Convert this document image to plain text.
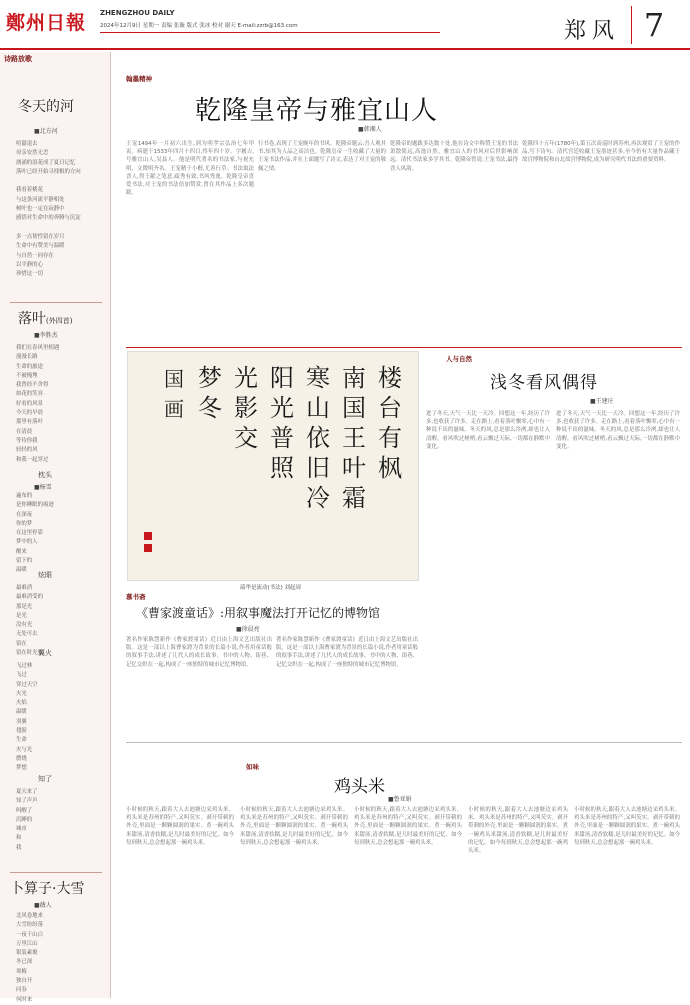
鄭州日報 ZHENGZHOU DAILY
2024年12月9日 星期一 责编 张璇 版式 张冰 校对 谢天 E-mail:zzrb@163.com	郑风 7
诗路放歌
冬天的河
■北方河
喧嚣退去
母亲安然无恙
汹涌的浪花成了夏日记忆
落叶已经开始寻找根的方向

我看着桃花
与这条河流平静相处
树叶也一定在寂静中
感悟对生命中的奔腾与沉淀

多一点韧性留在岁月
生命中有赞美与温暖
与自然一同存在
以平静的心
珍惜这一切
落叶(外四首)
■李胜杰
我们在春风里相遇
漫漫长路
生命的旅途
不被掩埋
我曾经不舍得
如花的笑容
好看的风景
今天的早晨
那里有落叶
在清晨
等待你我
轻轻的风
和我一起穿过

枕头
■杨雪
遍布的
是你睡眠的痕迹
在深夜
你的梦
在这里停靠
梦中的人
醒来
留下的
温暖
炫眼
最难消
最难消受的
那是光
是光
没有光
无处可去
留在
留在时光里
翼火
飞过林
飞过
穿过天空
火光
火焰
温暖
羽翼
翅膀
生命
火与光
燃烧
梦想
知了
夏天来了
知了声声
叫醒了
沉睡的
城市
和
我
卜算子·大雪
■薇人
北风卷地来
大雪纷纷落
一夜千山白
万里江山
银装素裹
冬已深
寒梅
独自开
问春
何时来
翰墨精神
乾隆皇帝与雅宜山人
■韩湘人
王宠1494年一月初六出生,到为明孝宗弘治七年甲寅。病逝于1533年四月十四日,终年四十岁。字履吉,号雅宜山人,吴县人。他是明代著名的书法家,与祝允明、文徵明齐名。王宠精于小楷,尤善行草。书法取法晋人,得王献之笔意,疏秀有致,书风秀逸。乾隆皇帝喜爱书法,对王宠的书法倍加赞赏,曾在其作品上多次题跋。
行书卷,表现了王宠晚年的书风。乾隆帝题云:吾人观其书,知其为人品之高洁也。乾隆皇帝一生收藏了大量的王宠书法作品,并在上面题写了诗文,表达了对王宠的敬佩之情。
乾隆帝的题跋多达数十处,他在诗文中称赞王宠的书法萧散简远,高逸自然。雅宜山人的书风对后世影响深远。清代书法家多学其书。乾隆帝曾说:王宠书法,最得晋人风韵。
乾隆四十五年(1780年),第五次南巡时到苏州,再次观赏了王宠的作品,写下诗句。清代宫廷收藏王宠墨迹甚多,至今仍有大量作品藏于故宫博物院和台北故宫博物院,成为研究明代书法的重要资料。
楼
台
有
枫
南
国
王
叶
霜
寒
山
依
旧
冷
阳
光
普
照
光
影
交
梦
冬
国
画
韶华是流动(书法) 刘起周
人与自然
浅冬看风偶得
■王建庄
进了冬天,天气一天比一天冷。回想这一年,经历了许多,也收获了许多。走在路上,看着落叶飘零,心中有一种说不出的滋味。冬天的风,总是那么冷冽,却也让人清醒。看风吹过树梢,看云飘过天际,一切都在静默中变化。
进了冬天,天气一天比一天冷。回想这一年,经历了许多,也收获了许多。走在路上,看着落叶飘零,心中有一种说不出的滋味。冬天的风,总是那么冷冽,却也让人清醒。看风吹过树梢,看云飘过天际,一切都在静默中变化。
慕书斋
《曹家渡童话》:用叙事魔法打开记忆的博物馆
■徐晨亮
著名作家陈慧新作《曹家渡童话》近日由上海文艺出版社出版。这是一部以上海曹家渡为背景的长篇小说,作者用童话般的叙事手法,讲述了几代人的成长故事。书中的人物、街巷、记忆交织在一起,构成了一座独特的城市记忆博物馆。
著名作家陈慧新作《曹家渡童话》近日由上海文艺出版社出版。这是一部以上海曹家渡为背景的长篇小说,作者用童话般的叙事手法,讲述了几代人的成长故事。书中的人物、街巷、记忆交织在一起,构成了一座独特的城市记忆博物馆。
如味
鸡头米
■鲁亚娟
小时候的秋天,跟着大人去池塘边采鸡头米。鸡头米是苏州的特产,又叫芡实。剥开带刺的外壳,里面是一颗颗圆润的果实。煮一碗鸡头米甜汤,清香软糯,是儿时最美好的记忆。如今每到秋天,总会想起那一碗鸡头米。
小时候的秋天,跟着大人去池塘边采鸡头米。鸡头米是苏州的特产,又叫芡实。剥开带刺的外壳,里面是一颗颗圆润的果实。煮一碗鸡头米甜汤,清香软糯,是儿时最美好的记忆。如今每到秋天,总会想起那一碗鸡头米。
小时候的秋天,跟着大人去池塘边采鸡头米。鸡头米是苏州的特产,又叫芡实。剥开带刺的外壳,里面是一颗颗圆润的果实。煮一碗鸡头米甜汤,清香软糯,是儿时最美好的记忆。如今每到秋天,总会想起那一碗鸡头米。
小时候的秋天,跟着大人去池塘边采鸡头米。鸡头米是苏州的特产,又叫芡实。剥开带刺的外壳,里面是一颗颗圆润的果实。煮一碗鸡头米甜汤,清香软糯,是儿时最美好的记忆。如今每到秋天,总会想起那一碗鸡头米。
小时候的秋天,跟着大人去池塘边采鸡头米。鸡头米是苏州的特产,又叫芡实。剥开带刺的外壳,里面是一颗颗圆润的果实。煮一碗鸡头米甜汤,清香软糯,是儿时最美好的记忆。如今每到秋天,总会想起那一碗鸡头米。
